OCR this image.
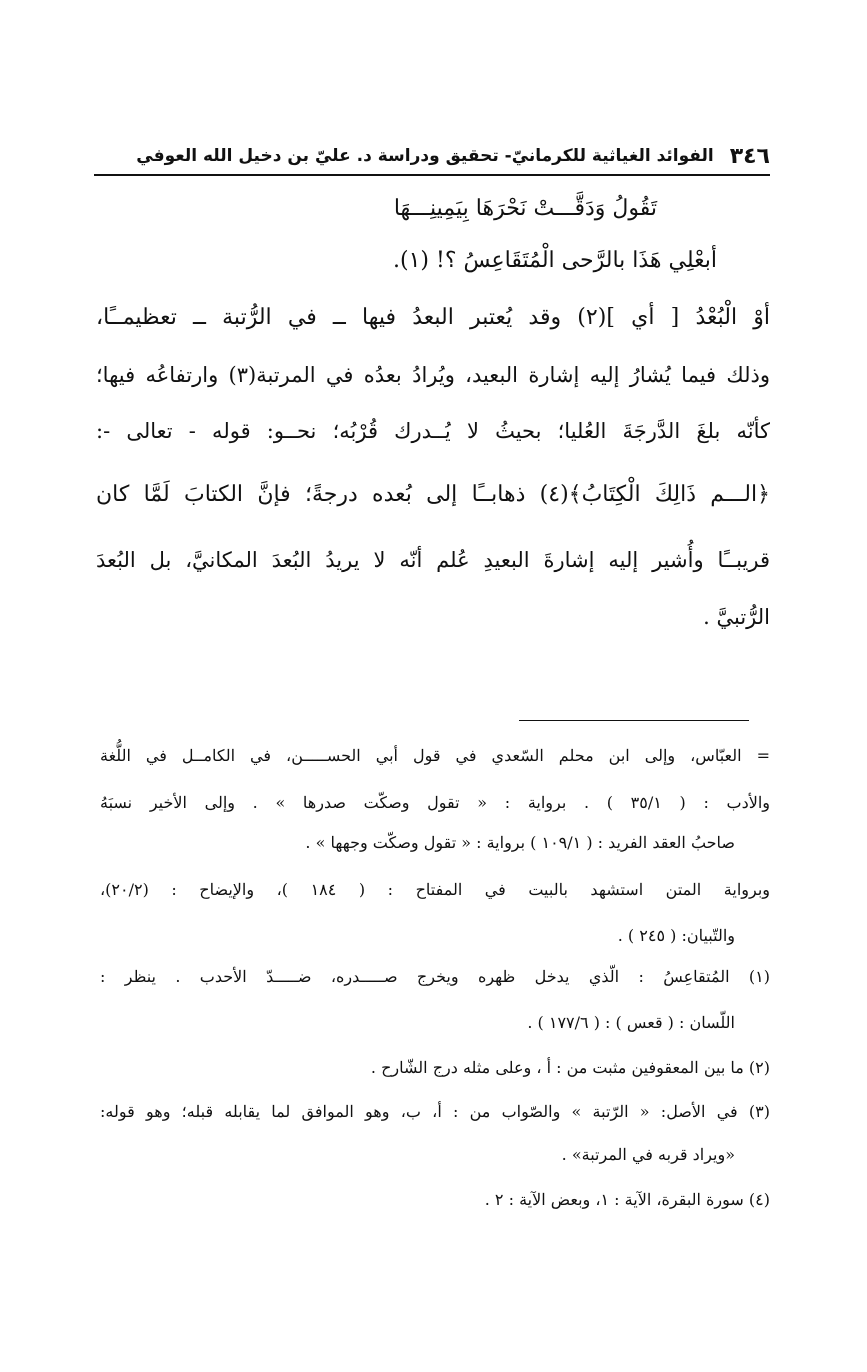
٣٤٦
الفوائد الغياثية للكرمانيّ- تحقيق ودراسة د. عليّ بن دخيل الله العوفي
تَقُولُ وَدَقَّـــتْ نَحْرَهَا بِيَمِينِـــهَا
أبعْلِي هَذَا بالرَّحى الْمُتَقَاعِسُ ؟! (١).
أوْ الْبُعْدُ [ أي ](٢) وقد يُعتبر البعدُ فيها ــ في الرُّتبة ــ تعظيمــًا،
وذلك فيما يُشارُ إليه إشارة البعيد، ويُرادُ بعدُه في المرتبة(٣) وارتفاعُه فيها؛
كأنّه بلغَ الدَّرجَةَ العُليا؛ بحيثُ لا يُــدرك قُرْبُه؛ نحــو: قوله - تعالى -:
﴿الـــم ذَالِكَ الْكِتَابُ﴾(٤) ذهابــًا إلى بُعده درجةً؛ فإنَّ الكتابَ لَمَّا كان
قريبــًا وأُشير إليه إشارةَ البعيدِ عُلم أنّه لا يريدُ البُعدَ المكانيَّ، بل البُعدَ
الرُّتبيَّ .
= العبّاس، وإلى ابن محلم السّعدي في قول أبي الحســـــن، في الكامــل في اللُّغة
والأدب : ( ٣٥/١ ) . برواية : « تقول وصكّت صدرها » . وإلى الأخير نسبَهُ
صاحبُ العقد الفريد : ( ١٠٩/١ ) برواية : « تقول وصكّت وجهها » .
وبرواية المتن استشهد بالبيت في المفتاح : ( ١٨٤ )، والإيضاح : (٢٠/٢)،
والتّبيان: ( ٢٤٥ ) .
(١) المُتقاعِسُ : الّذي يدخل ظهره ويخرج صـــــدره، ضـــــدّ الأحدب . ينظر :
اللّسان : ( قعس ) : ( ١٧٧/٦ ) .
(٢) ما بين المعقوفين مثبت من : أ ، وعلى مثله درج الشّارح .
(٣) في الأصل: « الرّتبة » والصّواب من : أ، ب، وهو الموافق لما يقابله قبله؛ وهو قوله:
«ويراد قربه في المرتبة» .
(٤) سورة البقرة، الآية : ١، وبعض الآية : ٢ .
